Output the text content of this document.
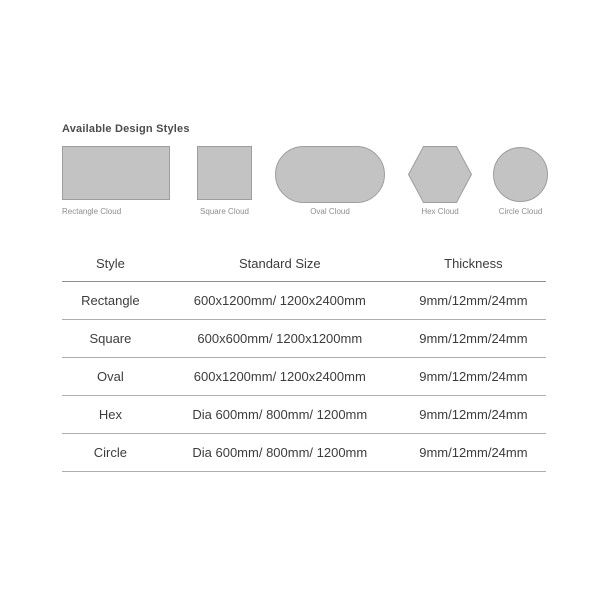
Available Design Styles
Rectangle Cloud	Square Cloud	Oval Cloud	Hex Cloud	Circle Cloud
Style	Standard Size	Thickness
Rectangle	600x1200mm/ 1200x2400mm	9mm/12mm/24mm
Square	600x600mm/ 1200x1200mm	9mm/12mm/24mm
Oval	600x1200mm/ 1200x2400mm	9mm/12mm/24mm
Hex	Dia 600mm/ 800mm/ 1200mm	9mm/12mm/24mm
Circle	Dia 600mm/ 800mm/ 1200mm	9mm/12mm/24mm
